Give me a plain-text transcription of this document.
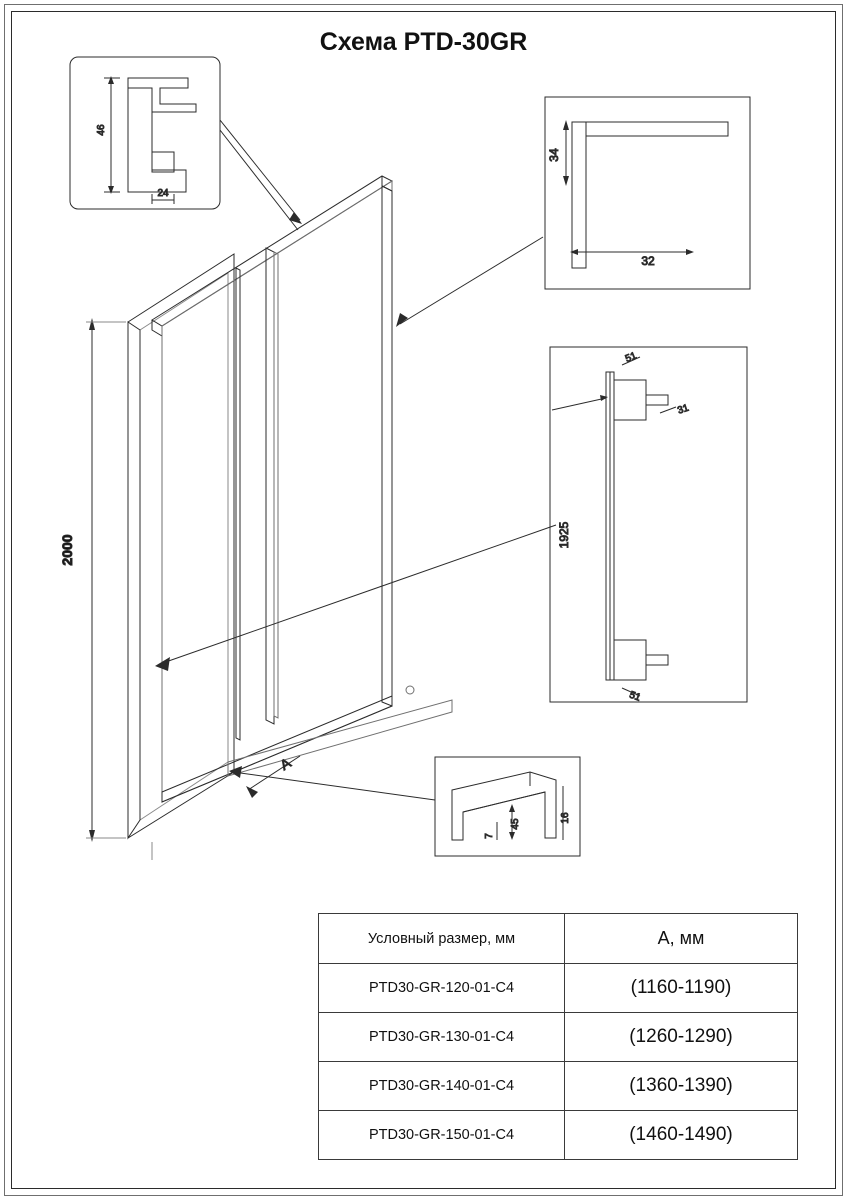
Схема PTD-30GR
46
24
34
32
51
31
1925
51
45
7
16
2000
A
Условный размер, мм	A, мм
PTD30-GR-120-01-C4	(1160-1190)
PTD30-GR-130-01-C4	(1260-1290)
PTD30-GR-140-01-C4	(1360-1390)
PTD30-GR-150-01-C4	(1460-1490)
